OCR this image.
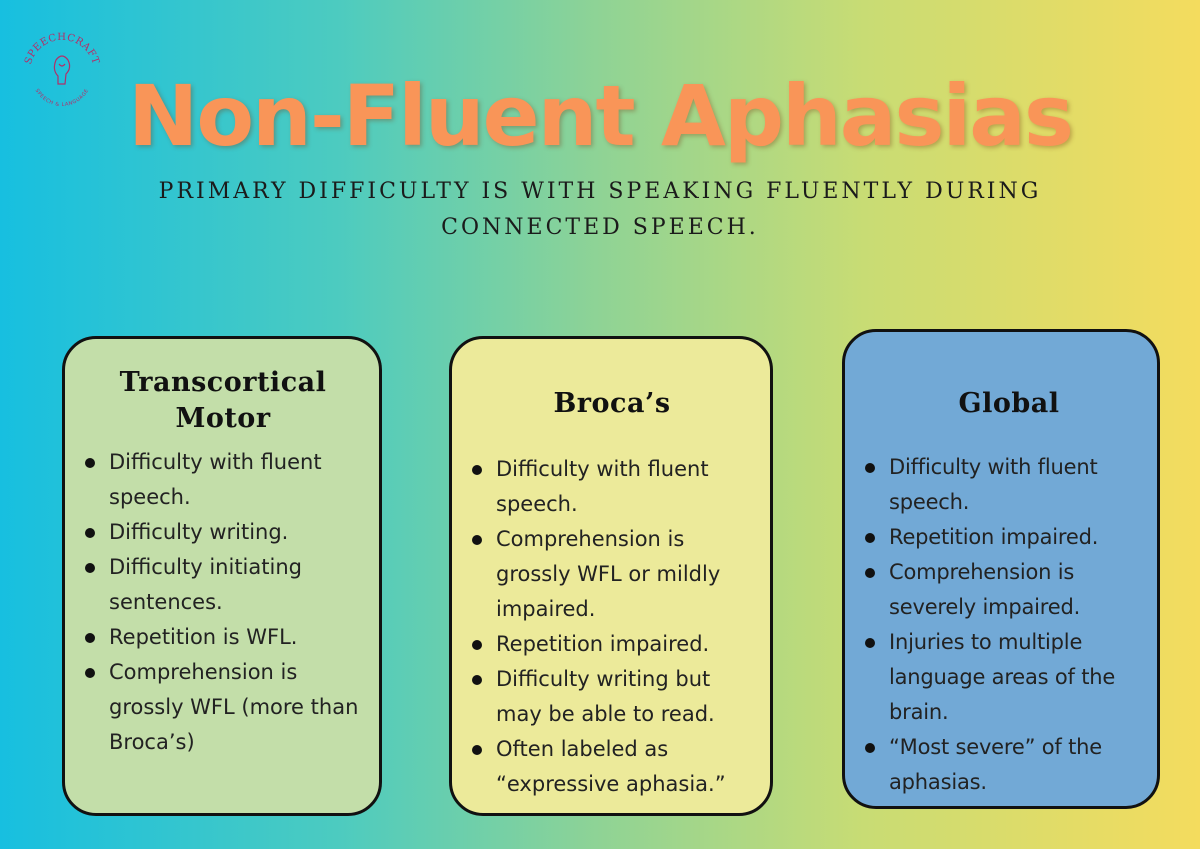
SPEECHCRAFT
SPEECH & LANGUAGE Non-Fluent Aphasias
PRIMARY DIFFICULTY IS WITH SPEAKING FLUENTLY DURING
CONNECTED SPEECH.
Transcortical
Motor
Difficulty with fluent speech.
Difficulty writing.
Difficulty initiating sentences.
Repetition is WFL.
Comprehension is grossly WFL (more than Broca’s)
Broca’s
Difficulty with fluent speech.
Comprehension is grossly WFL or mildly impaired.
Repetition impaired.
Difficulty writing but may be able to read.
Often labeled as “expressive aphasia.”
Global
Difficulty with fluent speech.
Repetition impaired.
Comprehension is severely impaired.
Injuries to multiple language areas of the brain.
“Most severe” of the aphasias.
